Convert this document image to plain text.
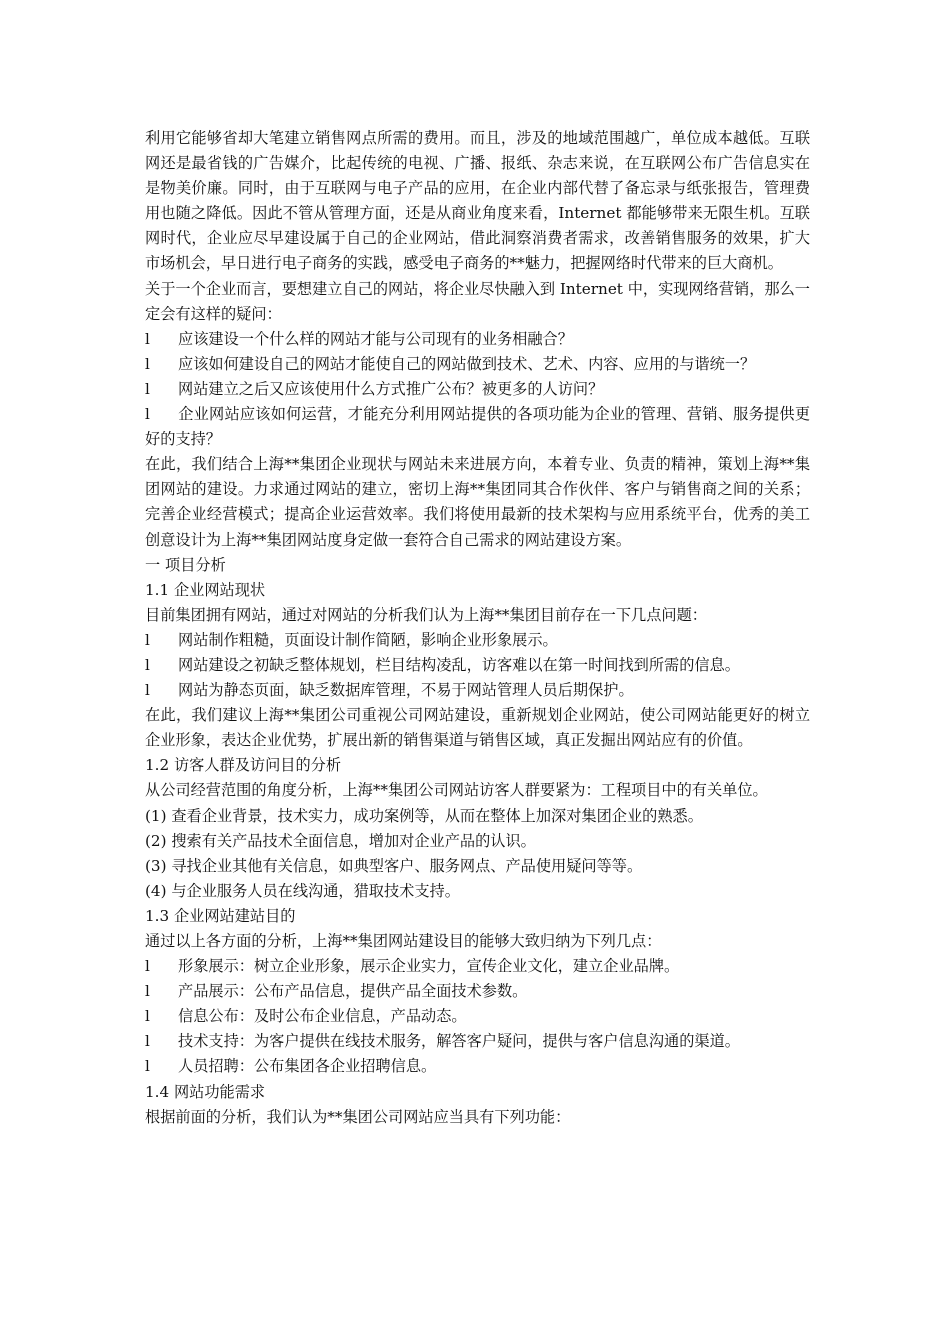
利用它能够省却大笔建立销售网点所需的费用。而且，涉及的地域范围越广，单位成本越低。互联网还是最省钱的广告媒介，比起传统的电视、广播、报纸、杂志来说，在互联网公布广告信息实在是物美价廉。同时，由于互联网与电子产品的应用，在企业内部代替了备忘录与纸张报告，管理费用也随之降低。因此不管从管理方面，还是从商业角度来看，Internet 都能够带来无限生机。互联网时代，企业应尽早建设属于自己的企业网站，借此洞察消费者需求，改善销售服务的效果，扩大市场机会，早日进行电子商务的实践，感受电子商务的**魅力，把握网络时代带来的巨大商机。

关于一个企业而言，要想建立自己的网站，将企业尽快融入到 Internet 中，实现网络营销，那么一定会有这样的疑问：

l	应该建设一个什么样的网站才能与公司现有的业务相融合？
l	应该如何建设自己的网站才能使自己的网站做到技术、艺术、内容、应用的与谐统一？
l	网站建立之后又应该使用什么方式推广公布？被更多的人访问？
l 企业网站应该如何运营，才能充分利用网站提供的各项功能为企业的管理、营销、服务提供更好的支持？

在此，我们结合上海**集团企业现状与网站未来进展方向，本着专业、负责的精神，策划上海**集团网站的建设。力求通过网站的建立，密切上海**集团同其合作伙伴、客户与销售商之间的关系；完善企业经营模式；提高企业运营效率。我们将使用最新的技术架构与应用系统平台，优秀的美工创意设计为上海**集团网站度身定做一套符合自己需求的网站建设方案。

一 项目分析

1.1 企业网站现状

目前集团拥有网站，通过对网站的分析我们认为上海**集团目前存在一下几点问题：

l	网站制作粗糙，页面设计制作简陋，影响企业形象展示。
l	网站建设之初缺乏整体规划，栏目结构凌乱，访客难以在第一时间找到所需的信息。
l	网站为静态页面，缺乏数据库管理，不易于网站管理人员后期保护。

在此，我们建议上海**集团公司重视公司网站建设，重新规划企业网站，使公司网站能更好的树立企业形象，表达企业优势，扩展出新的销售渠道与销售区域，真正发掘出网站应有的价值。

1.2 访客人群及访问目的分析

从公司经营范围的角度分析，上海**集团公司网站访客人群要紧为：工程项目中的有关单位。

(1) 查看企业背景，技术实力，成功案例等，从而在整体上加深对集团企业的熟悉。

(2) 搜索有关产品技术全面信息，增加对企业产品的认识。

(3) 寻找企业其他有关信息，如典型客户、服务网点、产品使用疑问等等。

(4) 与企业服务人员在线沟通，猎取技术支持。

1.3 企业网站建站目的

通过以上各方面的分析，上海**集团网站建设目的能够大致归纳为下列几点：

l	形象展示：树立企业形象，展示企业实力，宣传企业文化，建立企业品牌。
l	产品展示：公布产品信息，提供产品全面技术参数。
l	信息公布：及时公布企业信息，产品动态。
l	技术支持：为客户提供在线技术服务，解答客户疑问，提供与客户信息沟通的渠道。
l	人员招聘：公布集团各企业招聘信息。

1.4 网站功能需求

根据前面的分析，我们认为**集团公司网站应当具有下列功能：
